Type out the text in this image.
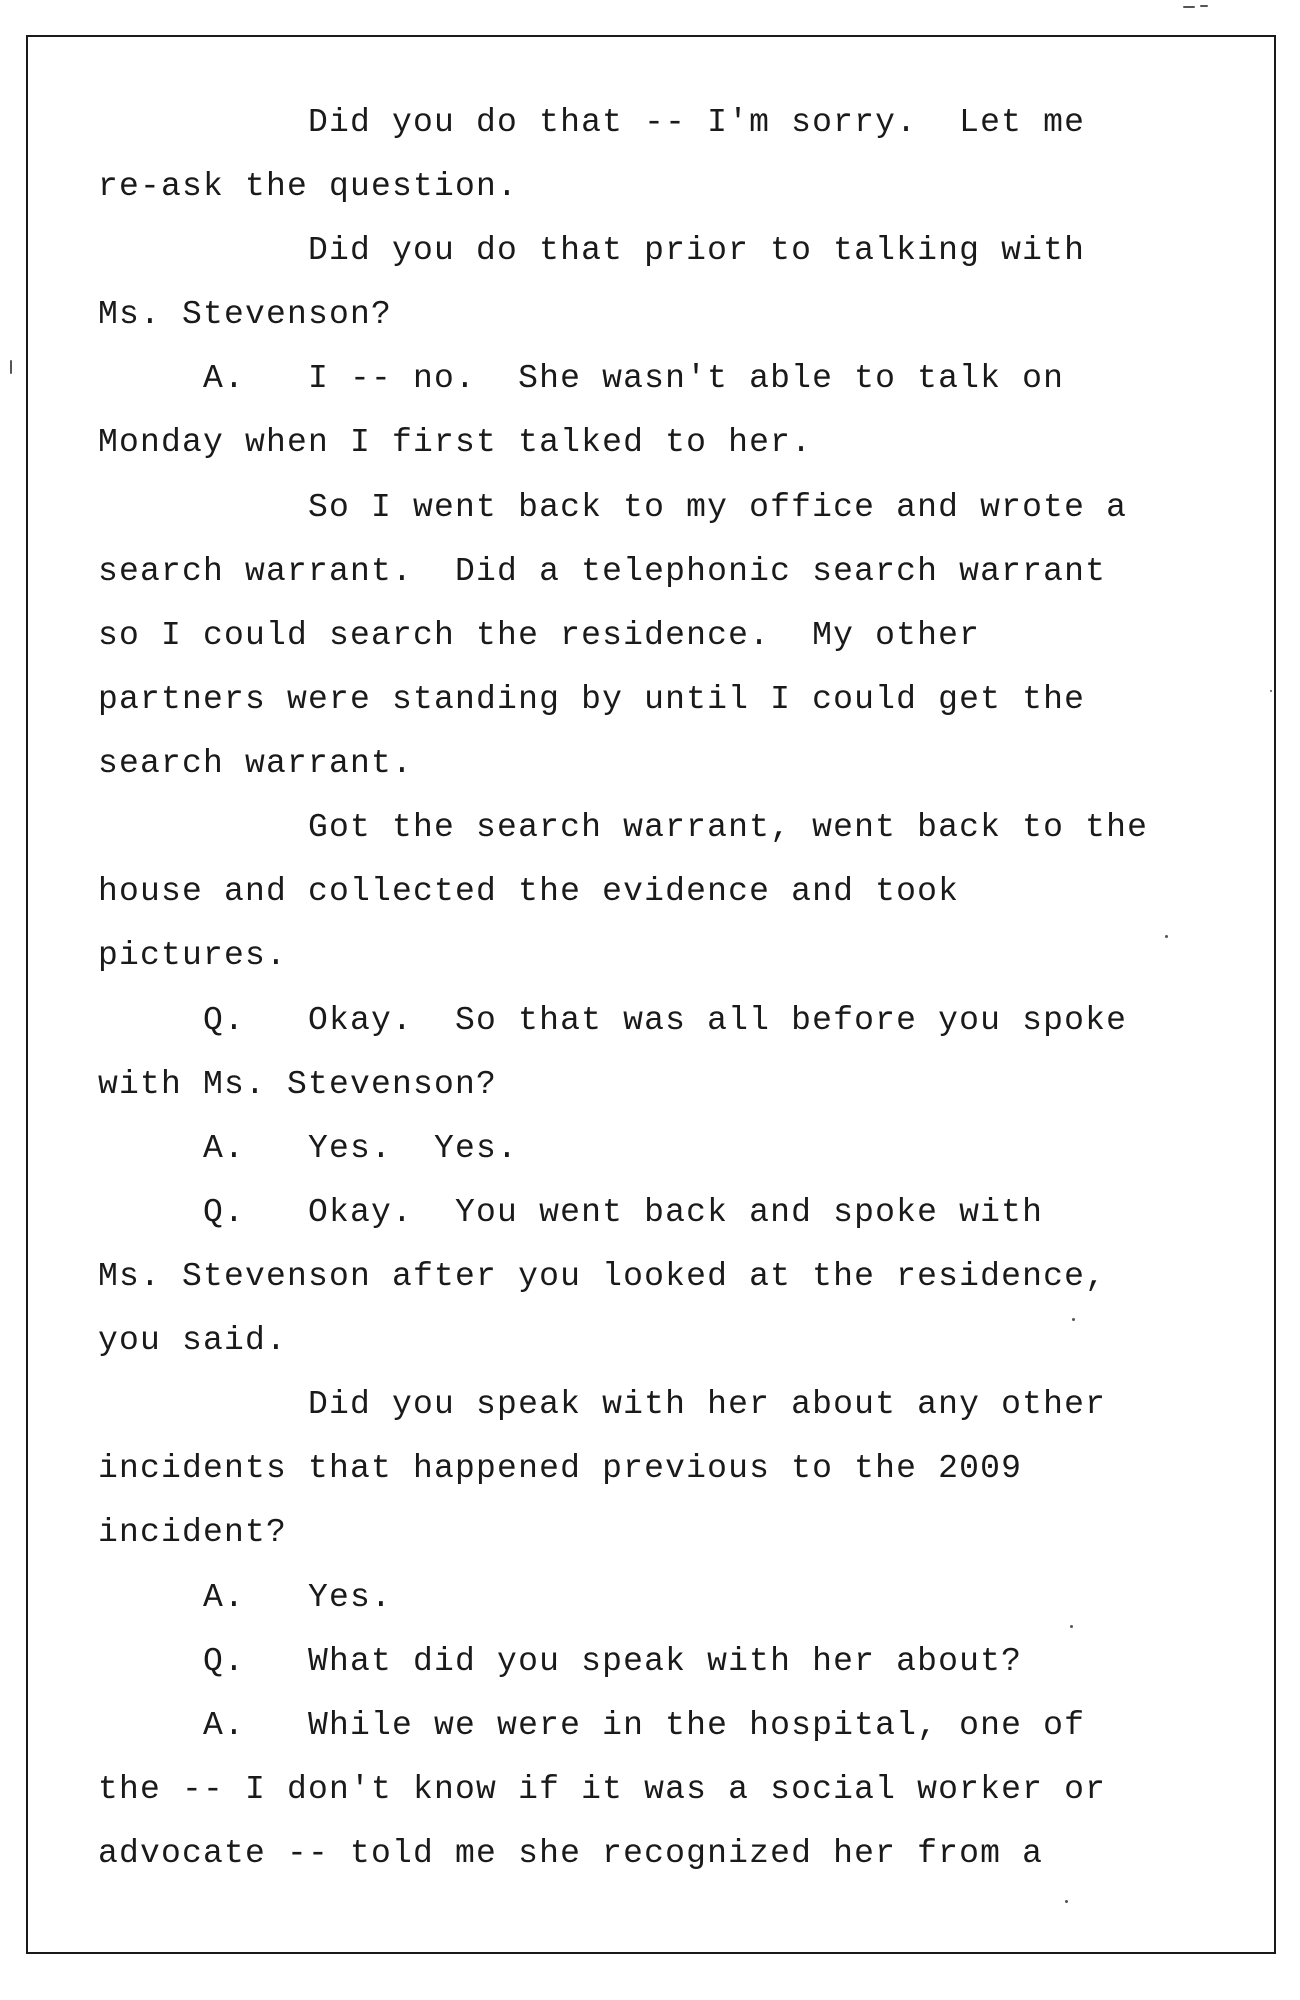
Did you do that -- I'm sorry.  Let me
re-ask the question.
Did you do that prior to talking with
Ms. Stevenson?
A.   I -- no.  She wasn't able to talk on
Monday when I first talked to her.
So I went back to my office and wrote a
search warrant.  Did a telephonic search warrant
so I could search the residence.  My other
partners were standing by until I could get the
search warrant.
Got the search warrant, went back to the
house and collected the evidence and took
pictures.
Q.   Okay.  So that was all before you spoke
with Ms. Stevenson?
A.   Yes.  Yes.
Q.   Okay.  You went back and spoke with
Ms. Stevenson after you looked at the residence,
you said.
Did you speak with her about any other
incidents that happened previous to the 2009
incident?
A.   Yes.
Q.   What did you speak with her about?
A.   While we were in the hospital, one of
the -- I don't know if it was a social worker or
advocate -- told me she recognized her from a
